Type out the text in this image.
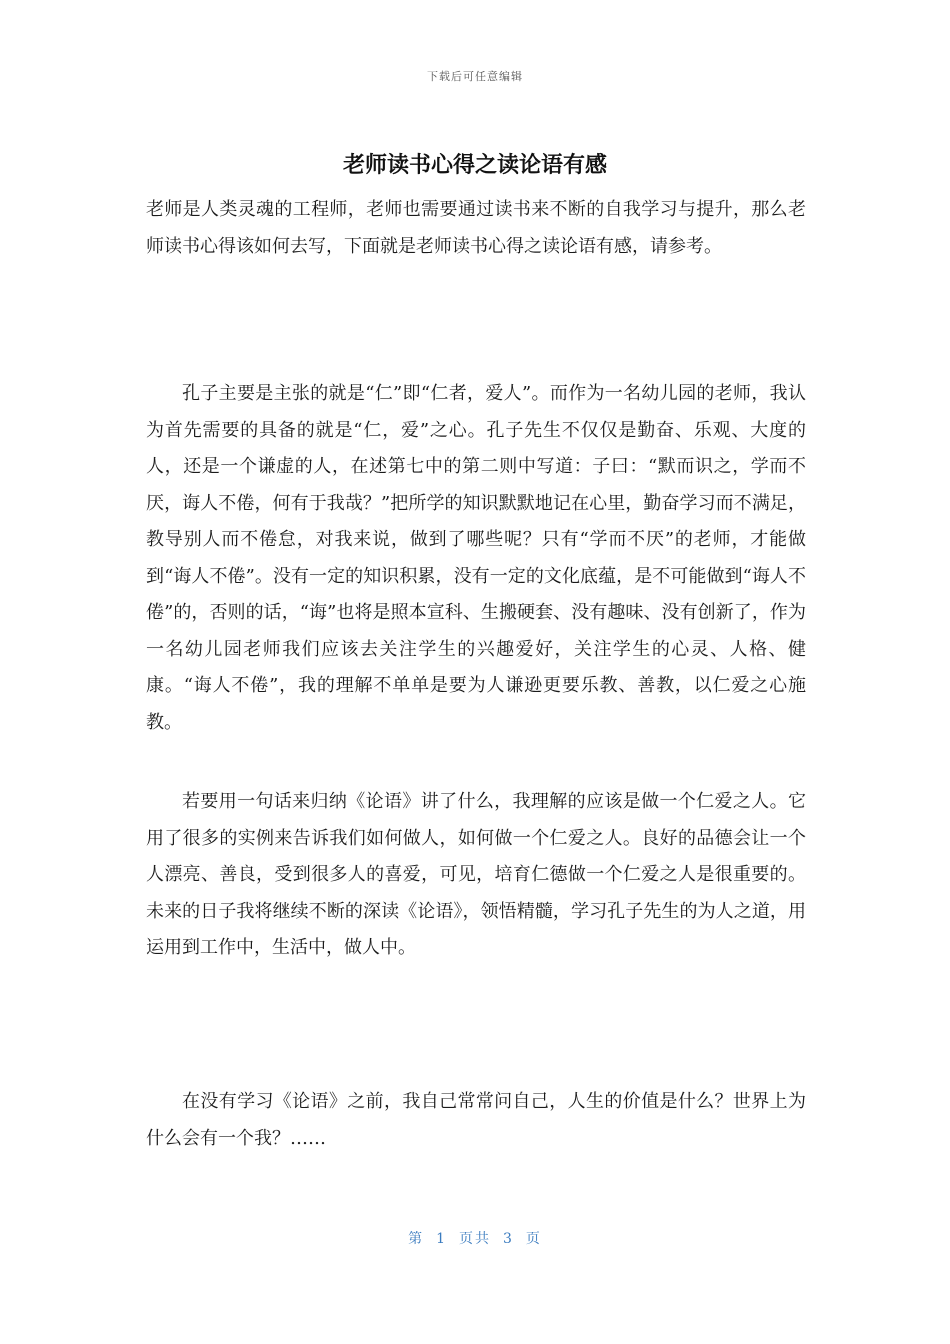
下载后可任意编辑
老师读书心得之读论语有感

老师是人类灵魂的工程师，老师也需要通过读书来不断的自我学习与提升，那么老师读书心得该如何去写，下面就是老师读书心得之读论语有感，请参考。

孔子主要是主张的就是“仁”即“仁者，爱人”。而作为一名幼儿园的老师，我认为首先需要的具备的就是“仁，爱”之心。孔子先生不仅仅是勤奋、乐观、大度的人，还是一个谦虚的人，在述第七中的第二则中写道：子曰：“默而识之，学而不厌，诲人不倦，何有于我哉？”把所学的知识默默地记在心里，勤奋学习而不满足，教导别人而不倦怠，对我来说，做到了哪些呢？只有“学而不厌”的老师，才能做到“诲人不倦”。没有一定的知识积累，没有一定的文化底蕴，是不可能做到“诲人不倦”的，否则的话，“诲”也将是照本宣科、生搬硬套、没有趣味、没有创新了，作为一名幼儿园老师我们应该去关注学生的兴趣爱好，关注学生的心灵、人格、健康。“诲人不倦”，我的理解不单单是要为人谦逊更要乐教、善教，以仁爱之心施教。

若要用一句话来归纳《论语》讲了什么，我理解的应该是做一个仁爱之人。它用了很多的实例来告诉我们如何做人，如何做一个仁爱之人。良好的品德会让一个人漂亮、善良，受到很多人的喜爱，可见，培育仁德做一个仁爱之人是很重要的。未来的日子我将继续不断的深读《论语》，领悟精髓，学习孔子先生的为人之道，用运用到工作中，生活中，做人中。

在没有学习《论语》之前，我自己常常问自己，人生的价值是什么？世界上为什么会有一个我？……

第 1 页共 3 页
